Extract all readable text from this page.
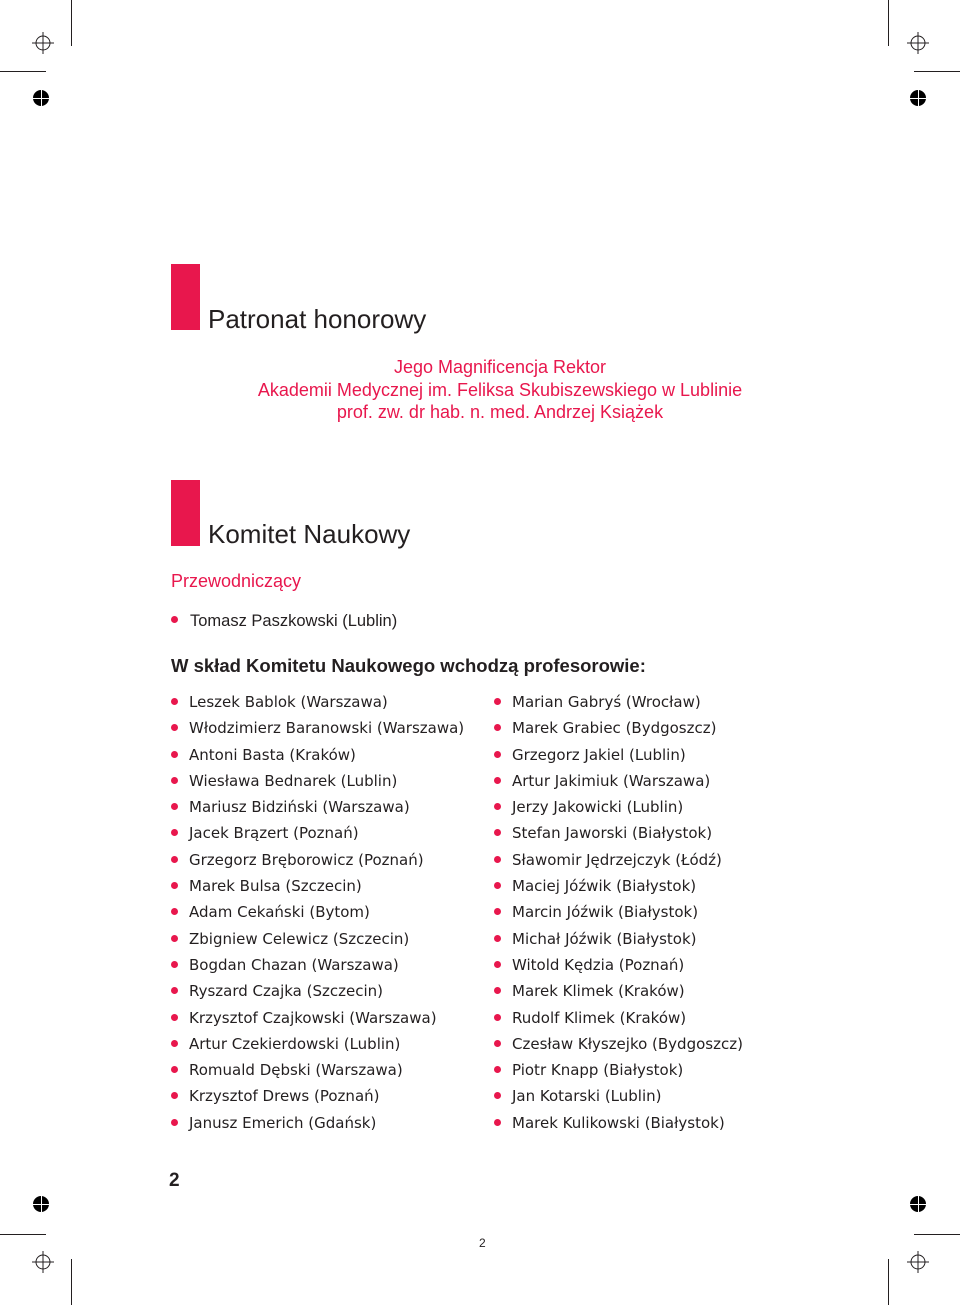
Patronat honorowy
Jego Magnificencja Rektor
Akademii Medycznej im. Feliksa Skubiszewskiego w Lublinie
prof. zw. dr hab. n. med. Andrzej Książek
Komitet Naukowy
Przewodniczący
Tomasz Paszkowski (Lublin)
W skład Komitetu Naukowego wchodzą profesorowie:
Leszek Bablok (Warszawa)
Włodzimierz Baranowski (Warszawa)
Antoni Basta (Kraków)
Wiesława Bednarek (Lublin)
Mariusz Bidziński (Warszawa)
Jacek Brązert (Poznań)
Grzegorz Bręborowicz (Poznań)
Marek Bulsa (Szczecin)
Adam Cekański (Bytom)
Zbigniew Celewicz (Szczecin)
Bogdan Chazan (Warszawa)
Ryszard Czajka (Szczecin)
Krzysztof Czajkowski (Warszawa)
Artur Czekierdowski (Lublin)
Romuald Dębski (Warszawa)
Krzysztof Drews (Poznań)
Janusz Emerich (Gdańsk)
Marian Gabryś (Wrocław)
Marek Grabiec (Bydgoszcz)
Grzegorz Jakiel (Lublin)
Artur Jakimiuk (Warszawa)
Jerzy Jakowicki (Lublin)
Stefan Jaworski (Białystok)
Sławomir Jędrzejczyk (Łódź)
Maciej Jóźwik (Białystok)
Marcin Jóźwik (Białystok)
Michał Jóźwik (Białystok)
Witold Kędzia (Poznań)
Marek Klimek (Kraków)
Rudolf Klimek (Kraków)
Czesław Kłyszejko (Bydgoszcz)
Piotr Knapp (Białystok)
Jan Kotarski (Lublin)
Marek Kulikowski (Białystok)
2
2
